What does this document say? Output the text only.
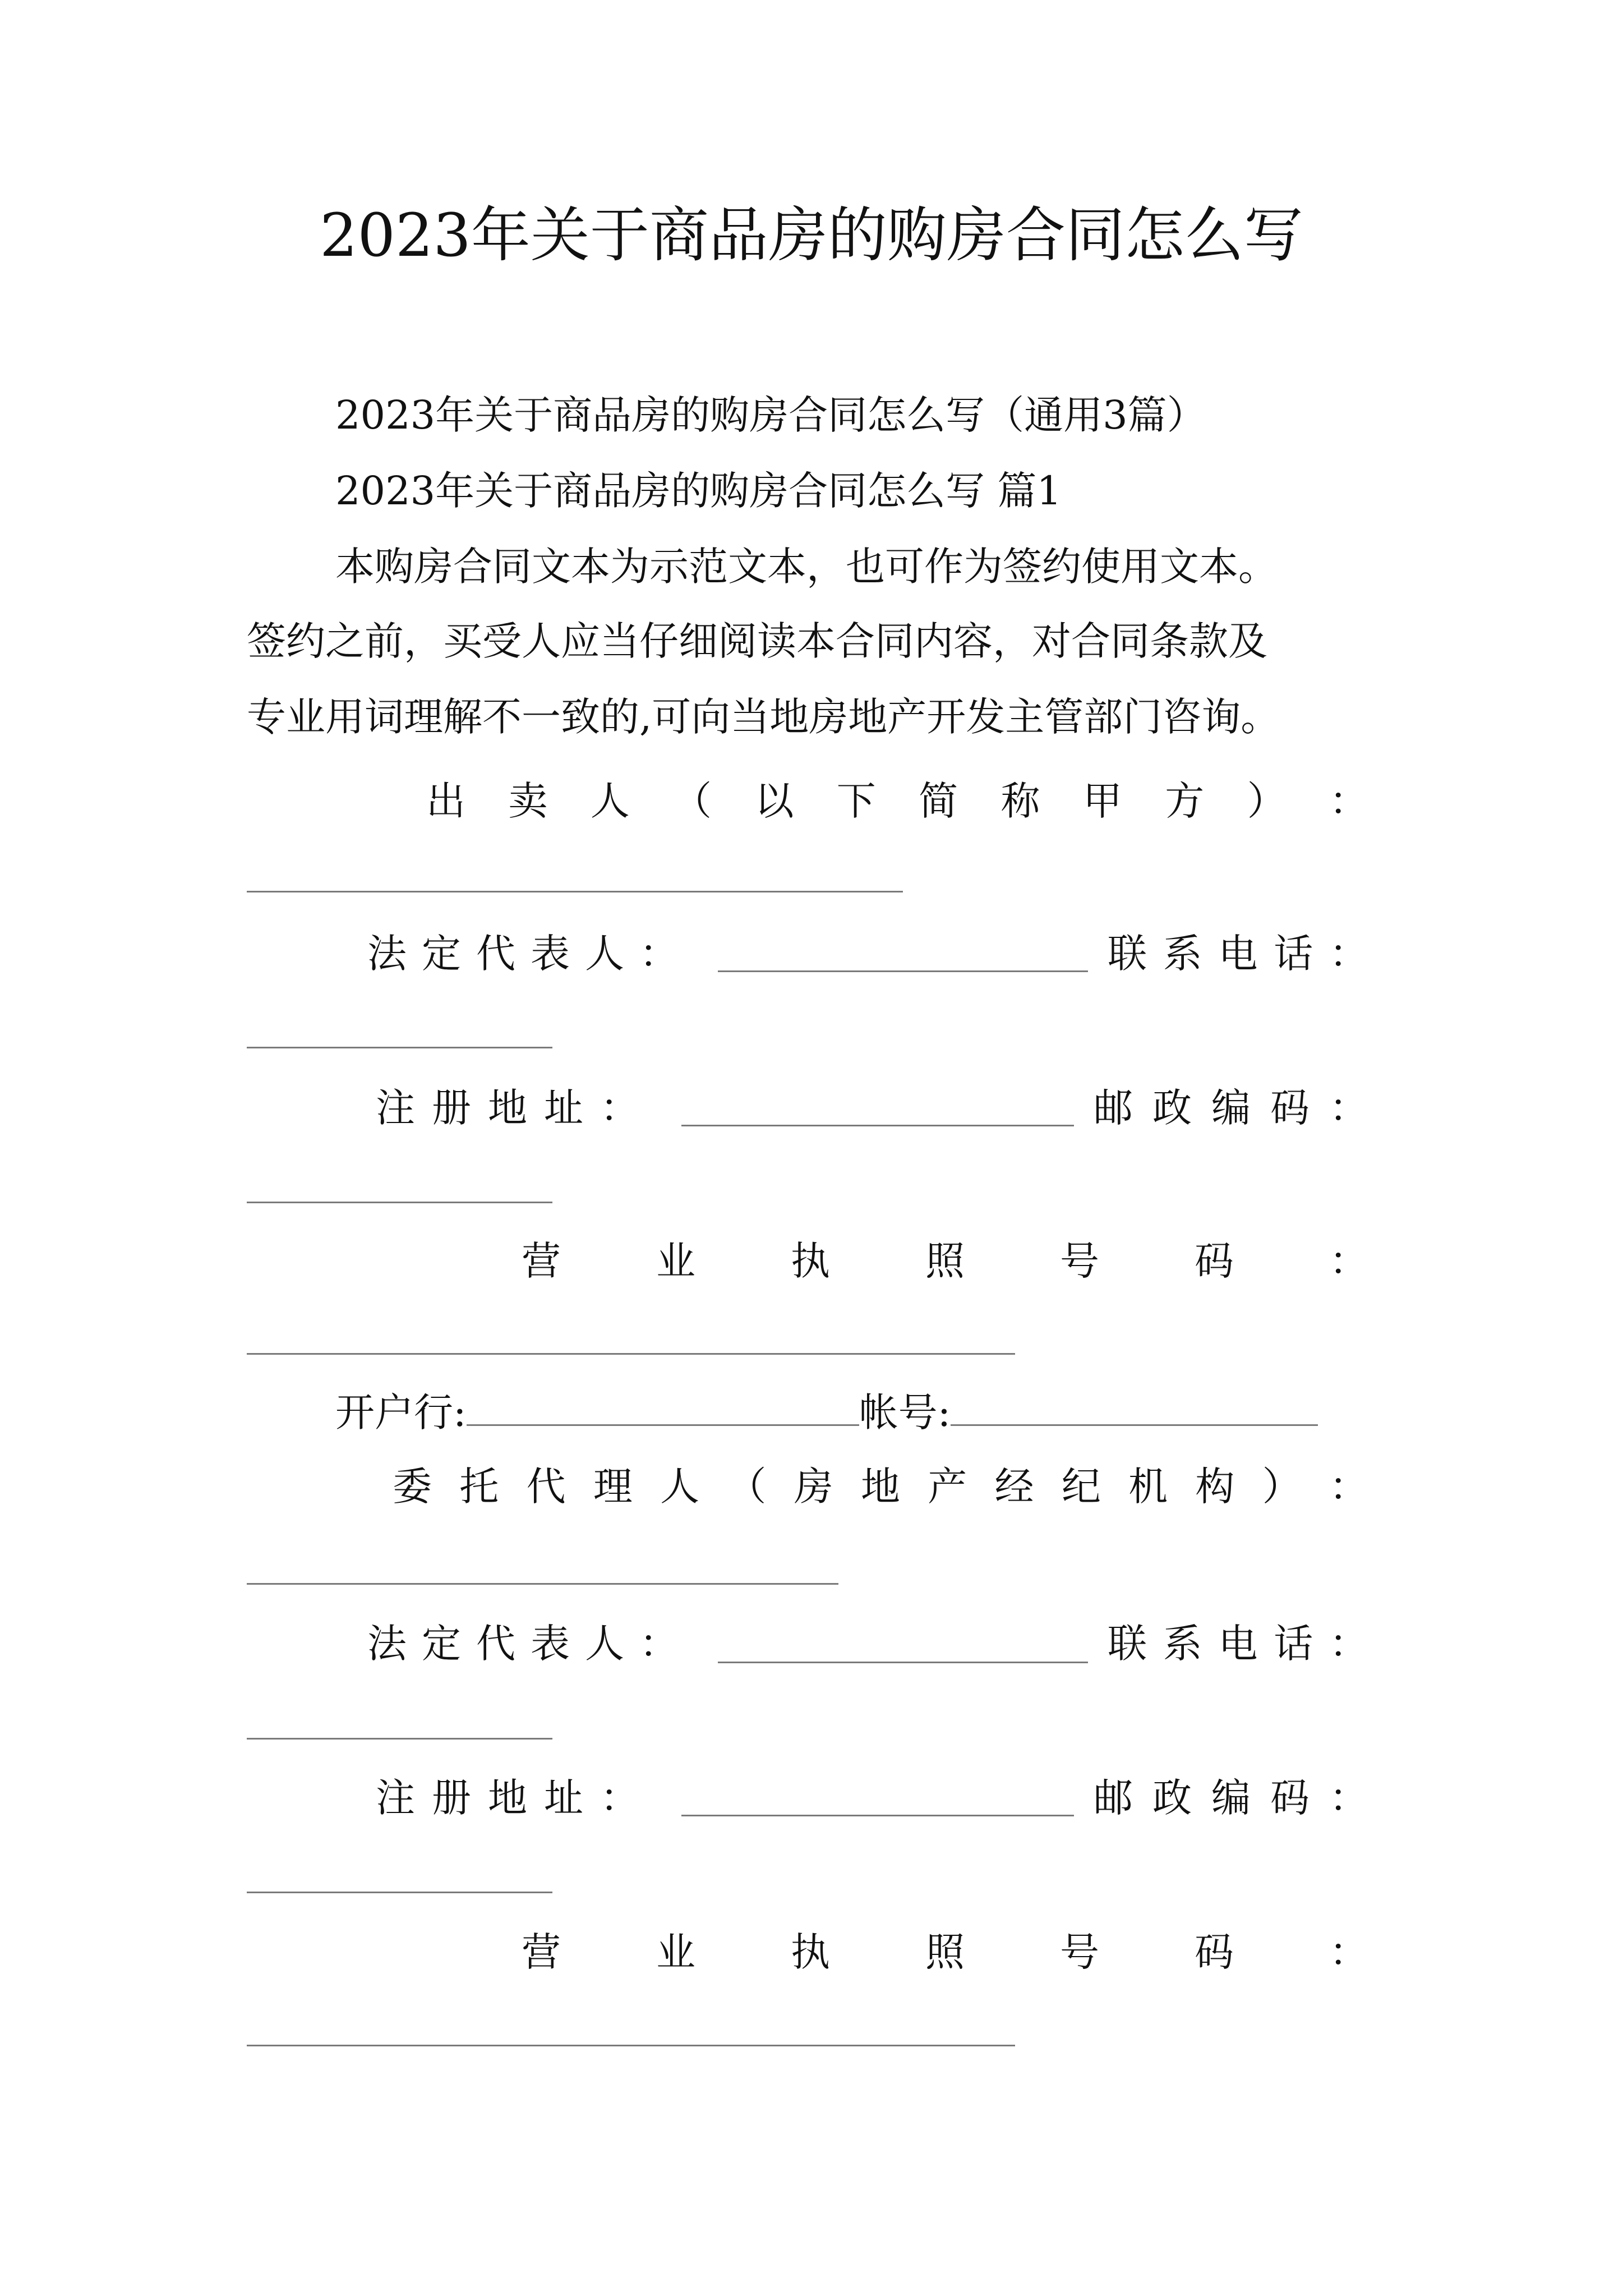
2023年关于商品房的购房合同怎么写
2023年关于商品房的购房合同怎么写（通用3篇）
2023年关于商品房的购房合同怎么写 篇1
本购房合同文本为示范文本，也可作为签约使用文本。
签约之前，买受人应当仔细阅读本合同内容，对合同条款及
专业用词理解不一致的,可向当地房地产开发主管部门咨询。
出 卖 人 （ 以 下 简 称 甲 方 ） ：
法 定 代 表 人 ：	联 系 电 话 ：
注 册 地 址 ：	邮 政 编 码 ：
营 业 执 照 号 码 ：
开户行:	帐号:
委 托 代 理 人 （ 房 地 产 经 纪 机 构 ） ：
法 定 代 表 人 ：	联 系 电 话 ：
注 册 地 址 ：	邮 政 编 码 ：
营 业 执 照 号 码 ：
